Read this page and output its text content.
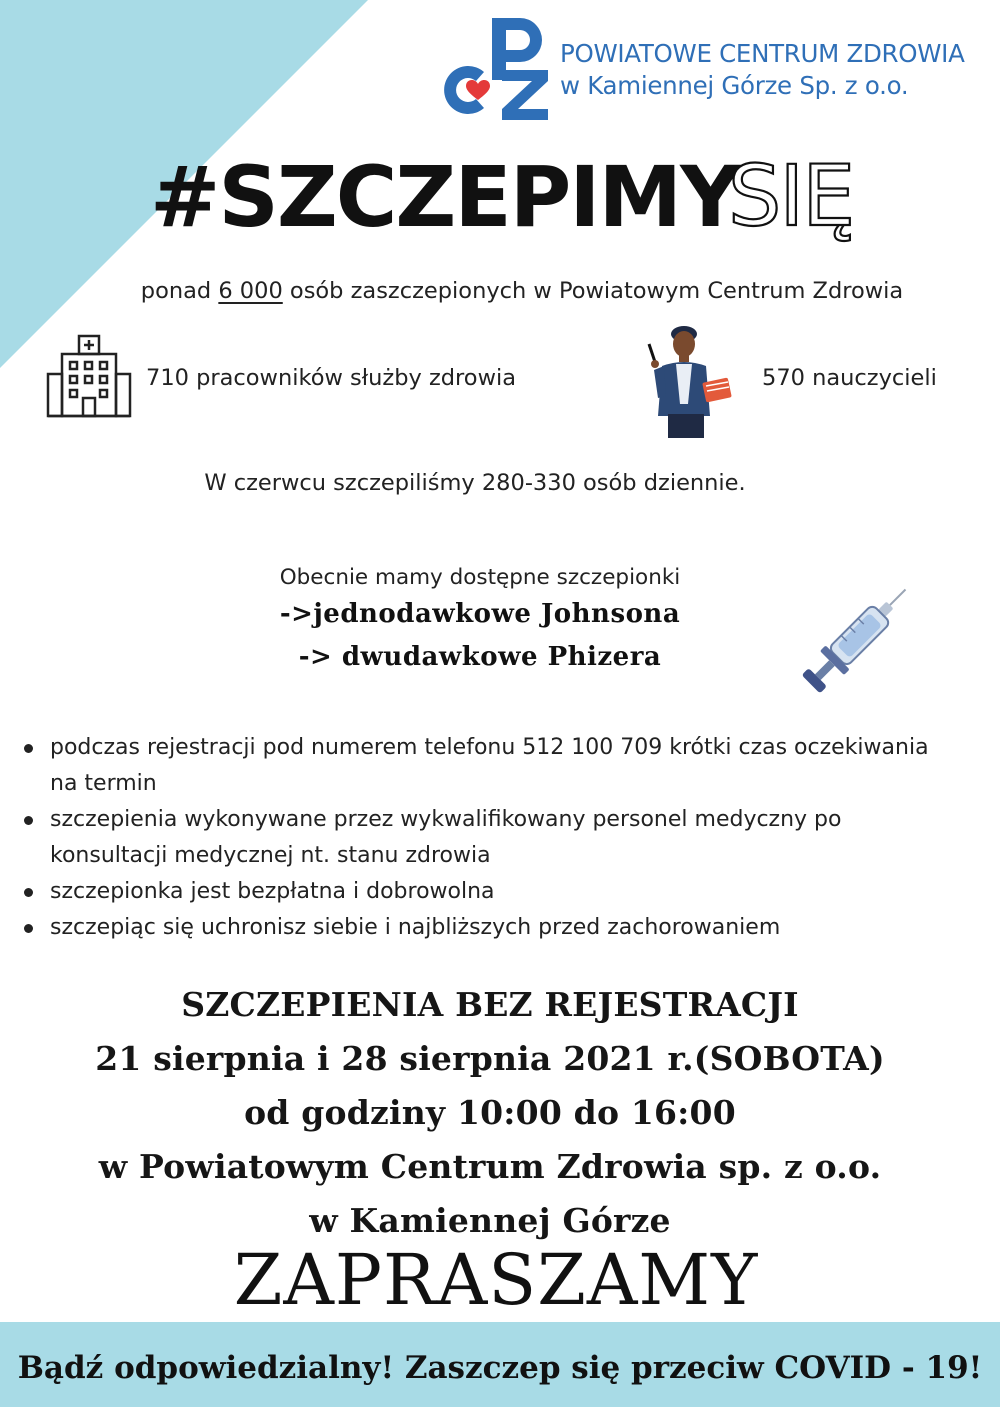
POWIATOWE CENTRUM ZDROWIA
w Kamiennej Górze Sp. z o.o.
#SZCZEPIMY
SIĘ
ponad 6 000 osób zaszczepionych w Powiatowym Centrum Zdrowia
710 pracowników służby zdrowia	570 nauczycieli
W czerwcu szczepiliśmy 280-330 osób dziennie.
Obecnie mamy dostępne szczepionki
->jednodawkowe Johnsona
-> dwudawkowe Phizera
podczas rejestracji pod numerem telefonu 512 100 709 krótki czas oczekiwania na termin
szczepienia wykonywane przez wykwalifikowany personel medyczny po konsultacji medycznej nt. stanu zdrowia
szczepionka jest bezpłatna i dobrowolna
szczepiąc się uchronisz siebie i najbliższych przed zachorowaniem
SZCZEPIENIA BEZ REJESTRACJI
21 sierpnia i 28 sierpnia 2021 r.(SOBOTA)
od godziny 10:00 do 16:00
w Powiatowym Centrum Zdrowia sp. z o.o.
w Kamiennej Górze
ZAPRASZAMY
Bądź odpowiedzialny! Zaszczep się przeciw COVID - 19!
